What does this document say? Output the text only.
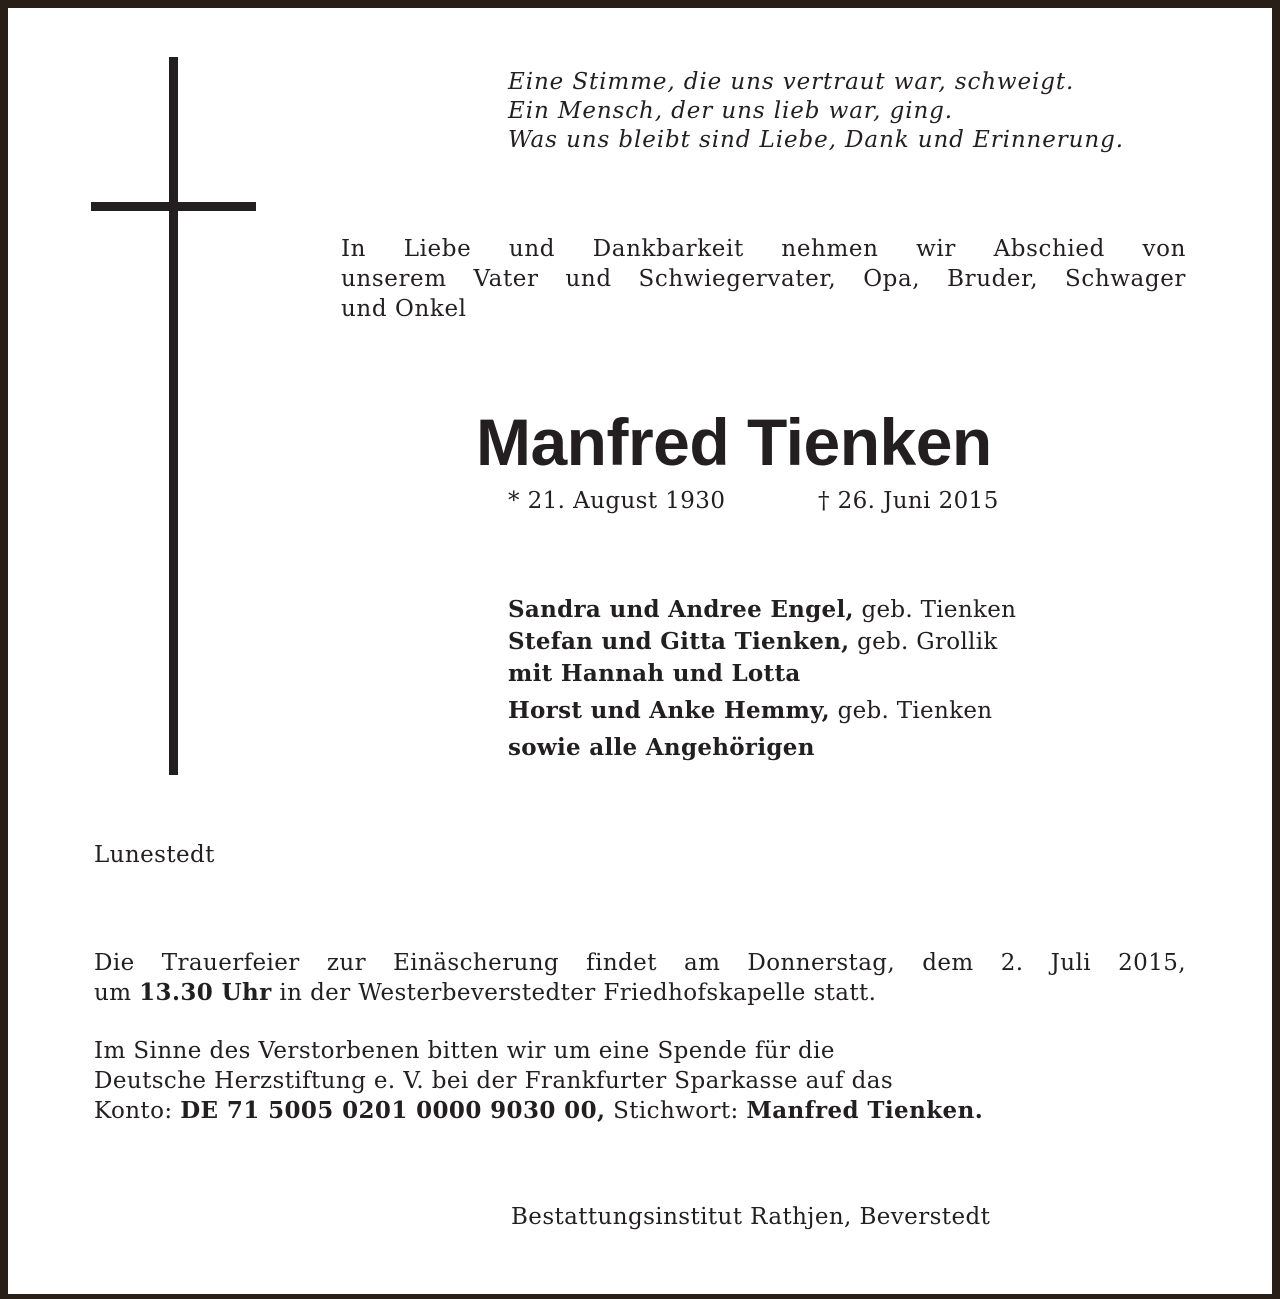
Eine Stimme, die uns vertraut war, schweigt.
Ein Mensch, der uns lieb war, ging.
Was uns bleibt sind Liebe, Dank und Erinnerung.
In Liebe und Dankbarkeit nehmen wir Abschied von
unserem Vater und Schwiegervater, Opa, Bruder, Schwager
und Onkel
Manfred Tienken
* 21. August 1930	† 26. Juni 2015
Sandra und Andree Engel, geb. Tienken
Stefan und Gitta Tienken, geb. Grollik
mit Hannah und Lotta
Horst und Anke Hemmy, geb. Tienken
sowie alle Angehörigen
Lunestedt
Die Trauerfeier zur Einäscherung findet am Donnerstag, dem 2. Juli 2015,
um 13.30 Uhr in der Westerbeverstedter Friedhofskapelle statt.
Im Sinne des Verstorbenen bitten wir um eine Spende für die
Deutsche Herzstiftung e. V. bei der Frankfurter Sparkasse auf das
Konto: DE 71 5005 0201 0000 9030 00, Stichwort: Manfred Tienken.
Bestattungsinstitut Rathjen, Beverstedt
